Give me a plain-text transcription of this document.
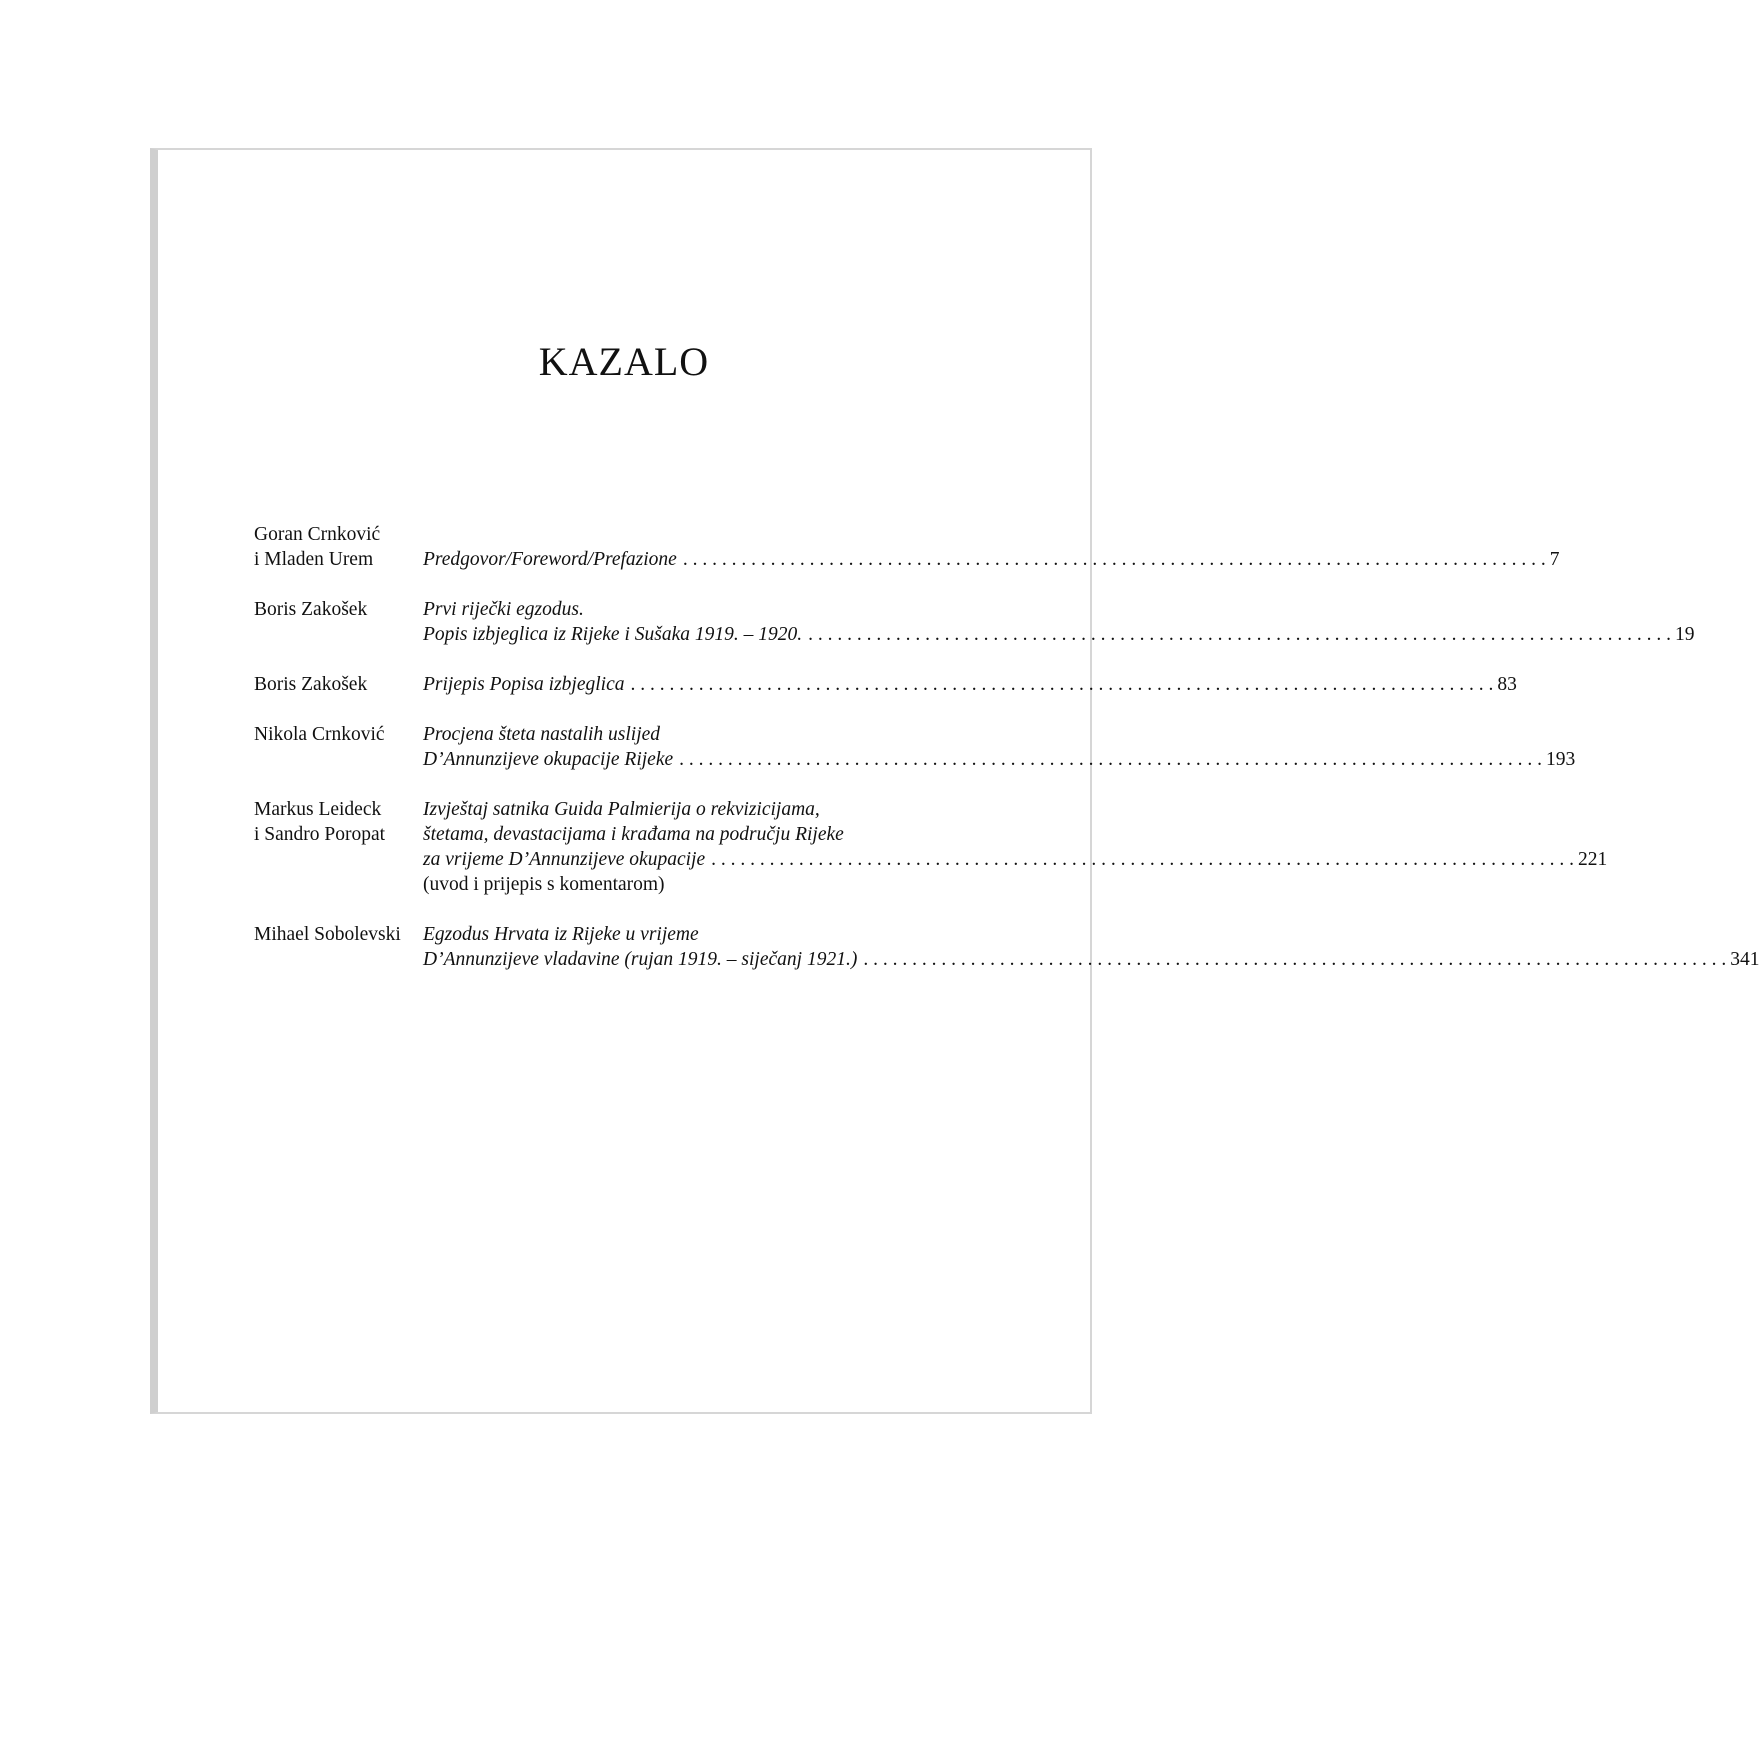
KAZALO
Goran Crnković
i Mladen Urem	Predgovor/Foreword/Prefazione . . .	7
Boris Zakošek	Prvi riječki egzodus.
Popis izbjeglica iz Rijeke i Sušaka 1919. – 1920. . . .	19
Boris Zakošek	Prijepis Popisa izbjeglica . . .	83
Nikola Crnković	Procjena šteta nastalih uslijed
D’Annunzijeve okupacije Rijeke . . .	193
Markus Leideck
i Sandro Poropat
Izvještaj satnika Guida Palmierija o rekvizicijama,
štetama, devastacijama i krađama na području Rijeke
za vrijeme D’Annunzijeve okupacije . . .	221
(uvod i prijepis s komentarom)
Mihael Sobolevski	Egzodus Hrvata iz Rijeke u vrijeme
D’Annunzijeve vladavine (rujan 1919. – siječanj 1921.) . . .	341
